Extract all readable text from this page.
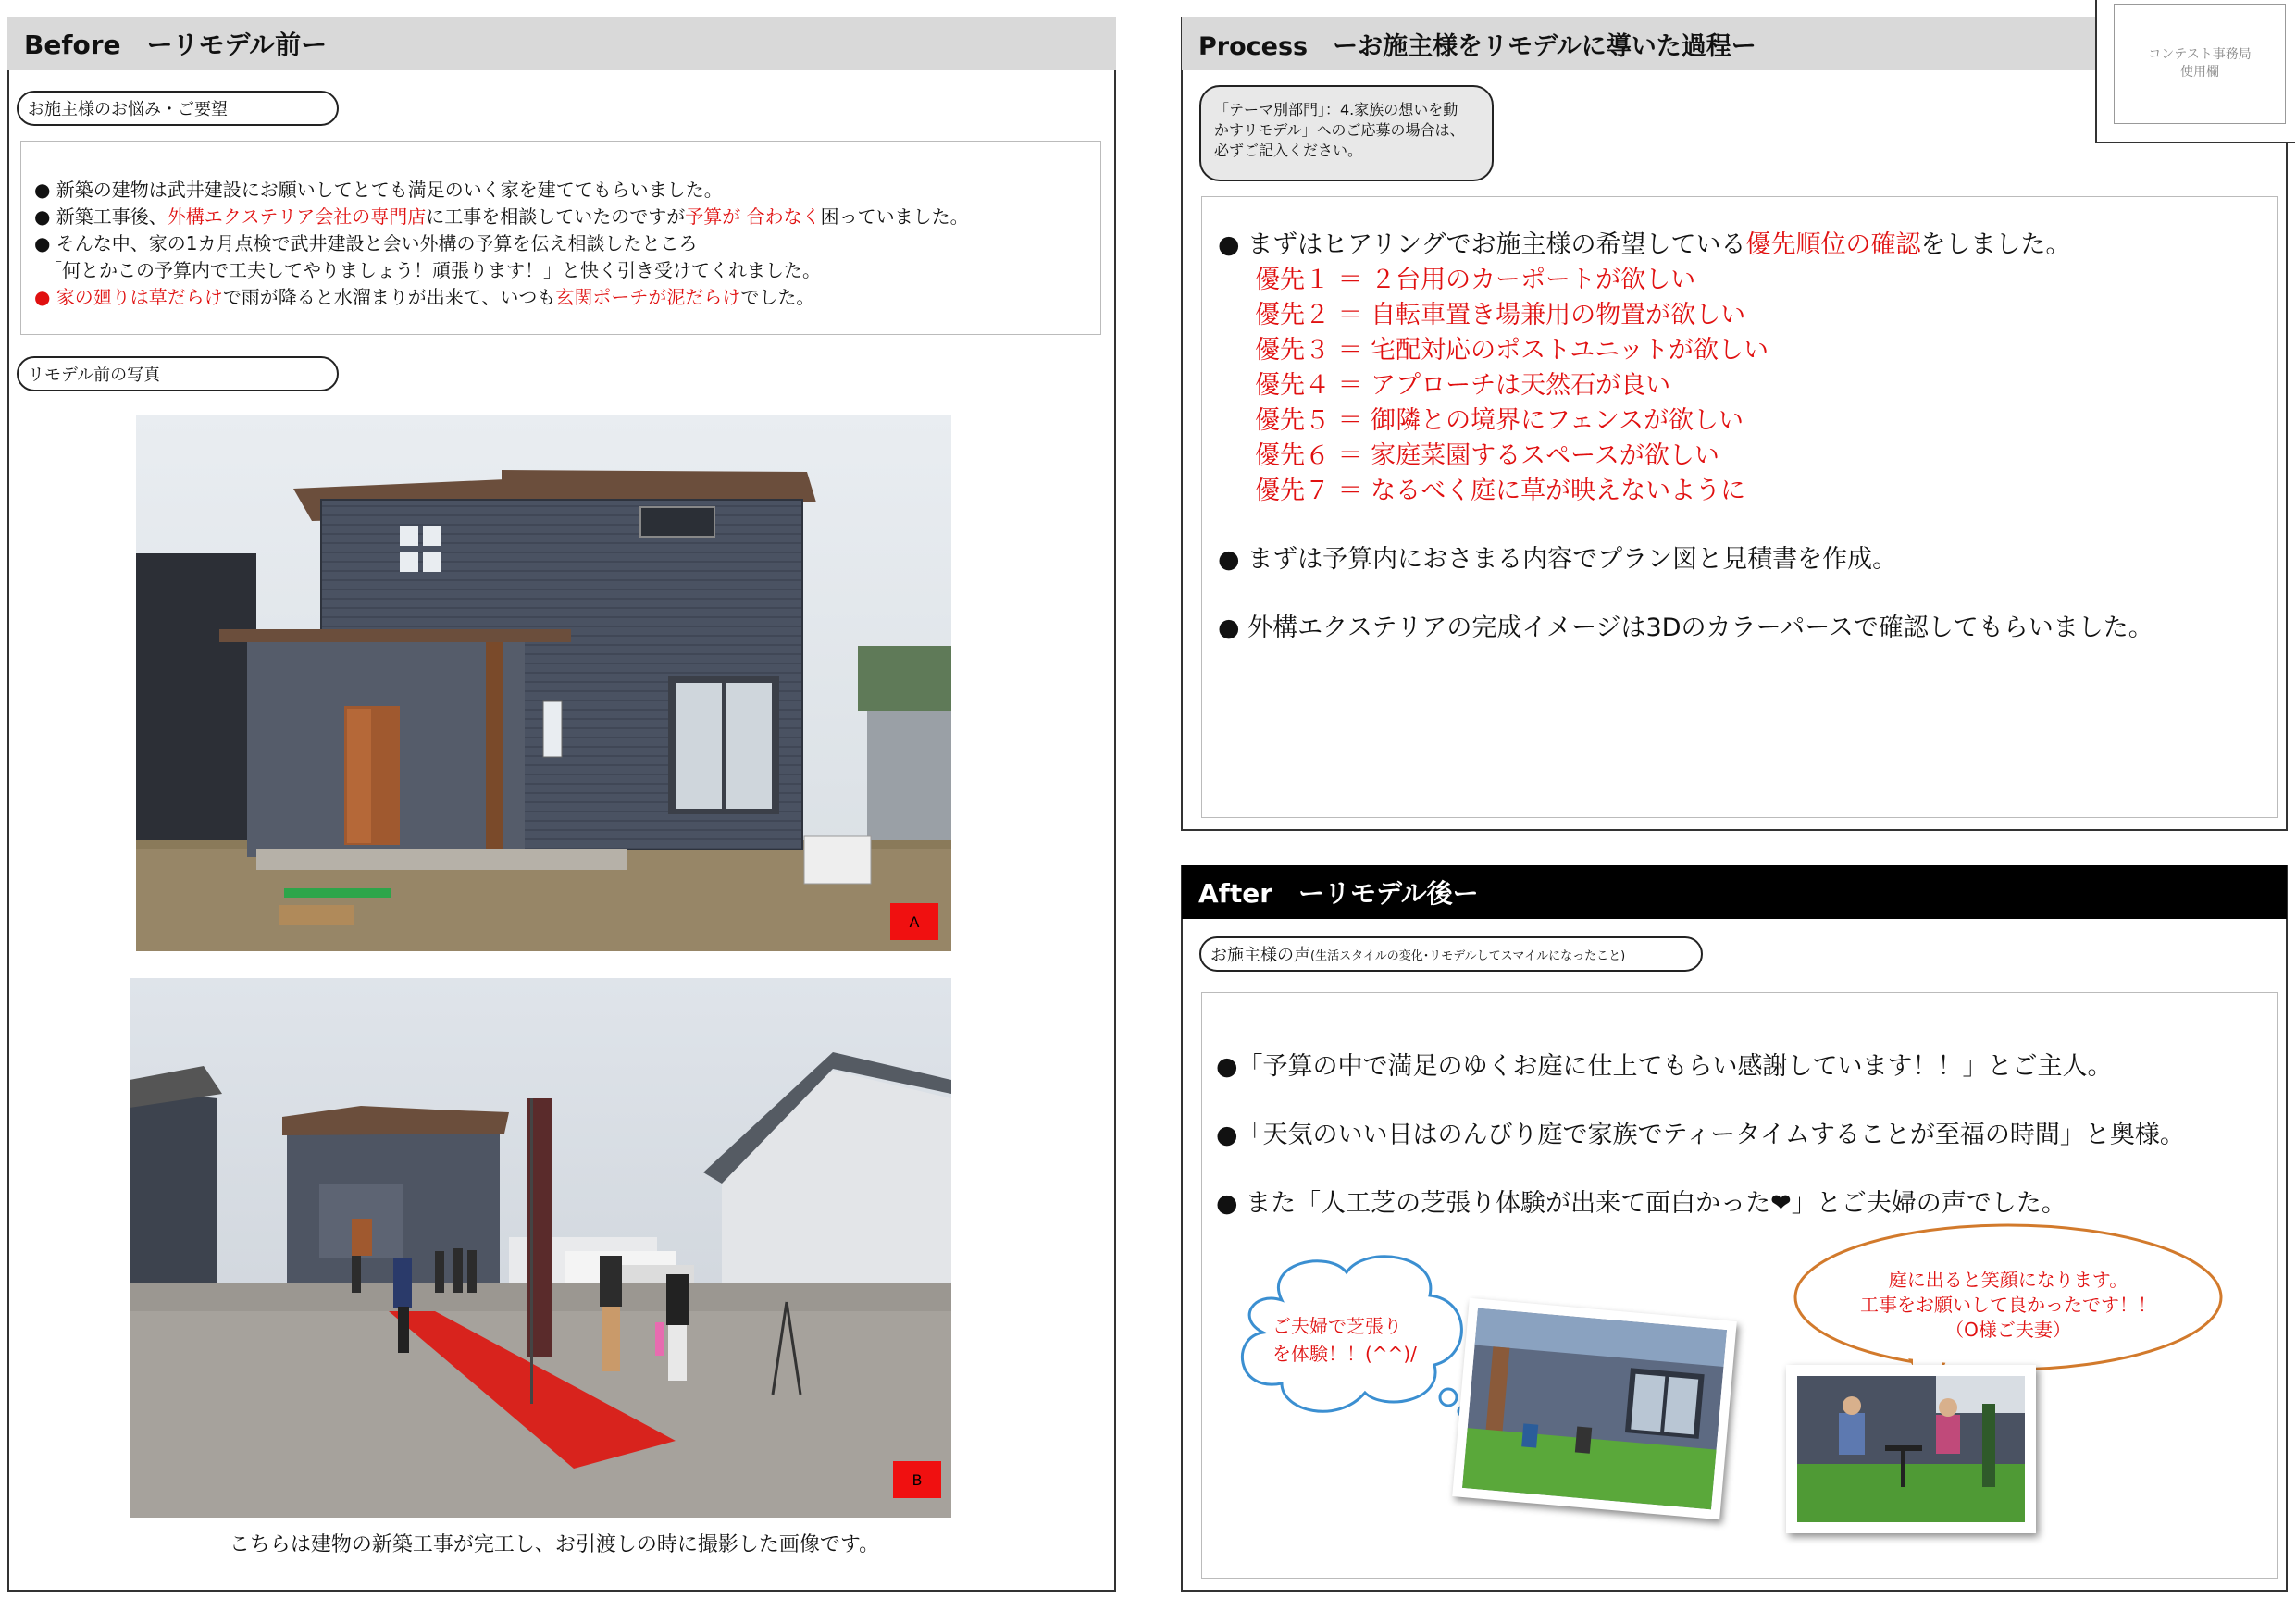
Before　ーリモデル前ー
お施主様のお悩み・ご要望
● 新築の建物は武井建設にお願いしてとても満足のいく家を建ててもらいました。
● 新築工事後、外構エクステリア会社の専門店に工事を相談していたのですが予算が 合わなく困っていました。
● そんな中、家の1カ月点検で武井建設と会い外構の予算を伝え相談したところ
　「何とかこの予算内で工夫してやりましょう！頑張ります！」と快く引き受けてくれました。
● 家の廻りは草だらけで雨が降ると水溜まりが出来て、いつも玄関ポーチが泥だらけでした。
リモデル前の写真
A
B
こちらは建物の新築工事が完工し、お引渡しの時に撮影した画像です。
Process　ーお施主様をリモデルに導いた過程ー	コンテスト事務局
使用欄
「テーマ別部門」：4.家族の想いを動
かすリモデル」へのご応募の場合は、
必ずご記入ください。
● まずはヒアリングでお施主様の希望している優先順位の確認をしました。
優先１ ＝ ２台用のカーポートが欲しい
優先２ ＝ 自転車置き場兼用の物置が欲しい
優先３ ＝ 宅配対応のポストユニットが欲しい
優先４ ＝ アプローチは天然石が良い
優先５ ＝ 御隣との境界にフェンスが欲しい
優先６ ＝ 家庭菜園するスペースが欲しい
優先７ ＝ なるべく庭に草が映えないように
● まずは予算内におさまる内容でプラン図と見積書を作成。
● 外構エクステリアの完成イメージは3Dのカラーパースで確認してもらいました。
After　ーリモデル後ー
お施主様の声 (生活スタイルの変化･リモデルしてスマイルになったこと)
●「予算の中で満足のゆくお庭に仕上てもらい感謝しています！！」とご主人。
●「天気のいい日はのんびり庭で家族でティータイムすることが至福の時間」と奥様。
● また「人工芝の芝張り体験が出来て面白かった❤」とご夫婦の声でした。
ご夫婦で芝張り
を体験！！(^^)/
庭に出ると笑顔になります。
工事をお願いして良かったです！！
（O様ご夫妻）
